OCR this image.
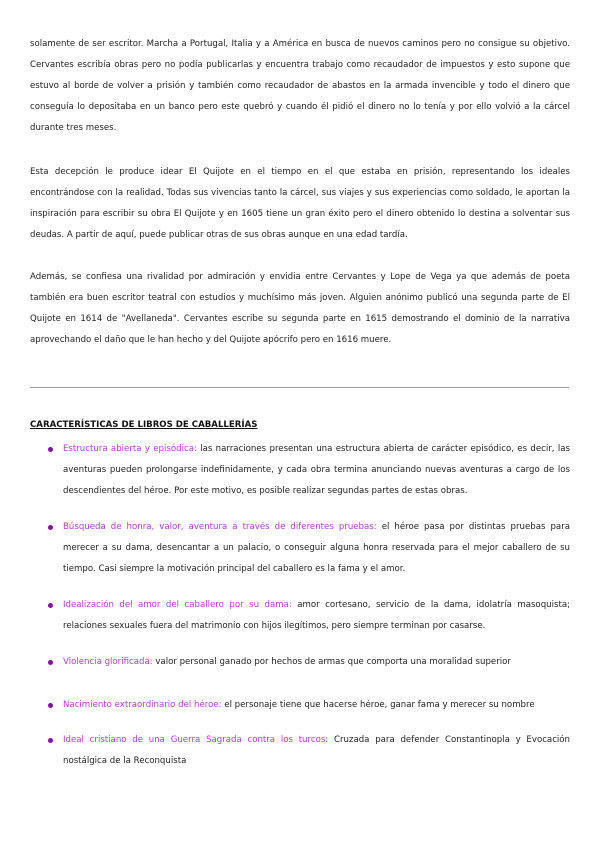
solamente de ser escritor. Marcha a Portugal, Italia y a América en busca de nuevos caminos pero no consigue su objetivo. Cervantes escribía obras pero no podía publicarlas y encuentra trabajo como recaudador de impuestos y esto supone que estuvo al borde de volver a prisión y también como recaudador de abastos en la armada invencible y todo el dinero que conseguía lo depositaba en un banco pero este quebró y cuando él pidió el dinero no lo tenía y por ello volvió a la cárcel durante tres meses.

Esta decepción le produce idear El Quijote en el tiempo en el que estaba en prisión, representando los ideales encontrándose con la realidad. Todas sus vivencias tanto la cárcel, sus viajes y sus experiencias como soldado, le aportan la inspiración para escribir su obra El Quijote y en 1605 tiene un gran éxito pero el dinero obtenido lo destina a solventar sus deudas. A partir de aquí, puede publicar otras de sus obras aunque en una edad tardía.

Además, se confiesa una rivalidad por admiración y envidia entre Cervantes y Lope de Vega ya que además de poeta también era buen escritor teatral con estudios y muchísimo más joven. Alguien anónimo publicó una segunda parte de El Quijote en 1614 de "Avellaneda". Cervantes escribe su segunda parte en 1615 demostrando el dominio de la narrativa aprovechando el daño que le han hecho y del Quijote apócrifo pero en 1616 muere.

CARACTERÍSTICAS DE LIBROS DE CABALLERÍAS
Estructura abierta y episódica: las narraciones presentan una estructura abierta de carácter episódico, es decir, las aventuras pueden prolongarse indefinidamente, y cada obra termina anunciando nuevas aventuras a cargo de los descendientes del héroe. Por este motivo, es posible realizar segundas partes de estas obras.
Búsqueda de honra, valor, aventura a través de diferentes pruebas: el héroe pasa por distintas pruebas para merecer a su dama, desencantar a un palacio, o conseguir alguna honra reservada para el mejor caballero de su tiempo. Casi siempre la motivación principal del caballero es la fama y el amor.
Idealización del amor del caballero por su dama: amor cortesano, servicio de la dama, idolatría masoquista; relaciones sexuales fuera del matrimonio con hijos ilegítimos, pero siempre terminan por casarse.
Violencia glorificada: valor personal ganado por hechos de armas que comporta una moralidad superior
Nacimiento extraordinario del héroe: el personaje tiene que hacerse héroe, ganar fama y merecer su nombre
Ideal cristiano de una Guerra Sagrada contra los turcos: Cruzada para defender Constantinopla y Evocación nostálgica de la Reconquista
